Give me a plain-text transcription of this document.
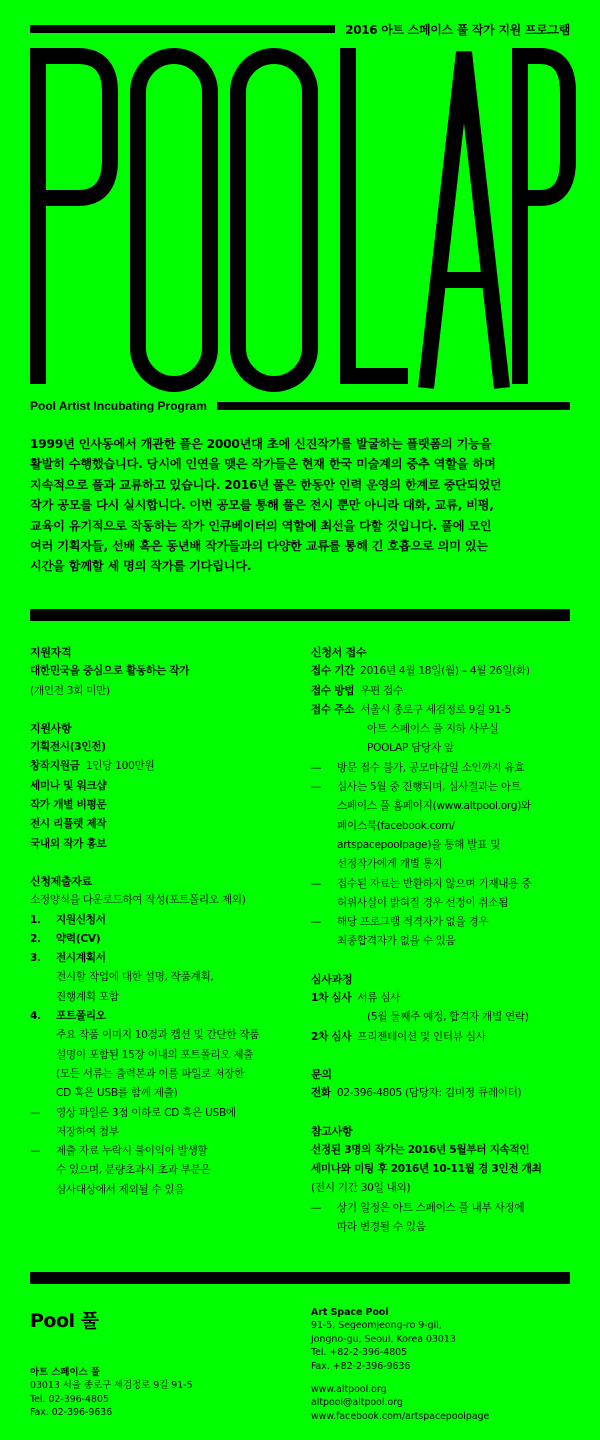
2016 아트 스페이스 풀 작가 지원 프로그램
Pool Artist Incubating Program

1999년 인사동에서 개관한 풀은 2000년대 초에 신진작가를 발굴하는 플랫폼의 기능을

활발히 수행했습니다. 당시에 인연을 맺은 작가들은 현재 한국 미술계의 중추 역할을 하며

지속적으로 풀과 교류하고 있습니다. 2016년 풀은 한동안 인력 운영의 한계로 중단되었던

작가 공모를 다시 실시합니다. 이번 공모를 통해 풀은 전시 뿐만 아니라 대화, 교류, 비평,

교육이 유기적으로 작동하는 작가 인큐베이터의 역할에 최선을 다할 것입니다. 풀에 모인

여러 기획자들, 선배 혹은 동년배 작가들과의 다양한 교류를 통해 긴 호흡으로 의미 있는

시간을 함께할 세 명의 작가를 기다립니다.

지원자격
대한민국을 중심으로 활동하는 작가
(개인전 3회 미만)
지원사항
기획전시(3인전)
창작지원금 1인당 100만원
세미나 및 워크샵
작가 개별 비평문
전시 리플렛 제작
국내외 작가 홍보
신청제출자료
소정양식을 다운로드하여 작성(포트폴리오 제외)
1.	지원신청서
2.	약력(CV)
3.	전시계획서
전시할 작업에 대한 설명, 작품계획,
진행계획 포함
4.	포트폴리오
주요 작품 이미지 10점과 캡션 및 간단한 작품
설명이 포함된 15장 이내의 포트폴리오 제출
(모든 서류는 출력본과 이를 파일로 저장한
CD 혹은 USB를 함께 제출)
—	영상 파일은 3점 이하로 CD 혹은 USB에
저장하여 첨부
—	제출 자료 누락시 불이익이 발생할
수 있으며, 분량초과시 초과 부분은
심사대상에서 제외될 수 있음
신청서 접수
접수 기간 2016년 4월 18일(월) – 4월 26일(화)
접수 방법 우편 접수
접수 주소 서울시 종로구 세검정로 9길 91-5
아트 스페이스 풀 지하 사무실
POOLAP 담당자 앞
—	방문 접수 불가, 공모마감일 소인까지 유효
—	심사는 5월 중 진행되며, 심사결과는 아트
스페이스 풀 홈페이지(www.altpool.org)와
페이스북(facebook.com/
artspacepoolpage)을 통해 발표 및
선정작가에게 개별 통지
—	접수된 자료는 반환하지 않으며 기재내용 중
허위사실이 밝혀질 경우 선정이 취소됨
—	해당 프로그램 적격자가 없을 경우
최종합격자가 없을 수 있음
심사과정
1차 심사 서류 심사
(5월 둘째주 예정, 합격자 개별 연락)
2차 심사 프리젠테이션 및 인터뷰 심사
문의
전화 02-396-4805 (담당자: 김미정 큐레이터)
참고사항
선정된 3명의 작가는 2016년 5월부터 지속적인
세미나와 미팅 후 2016년 10-11월 경 3인전 개최
(전시 기간 30일 내외)
—	상기 일정은 아트 스페이스 풀 내부 사정에
따라 변경될 수 있음
Pool 풀
아트 스페이스 풀
03013 서울 종로구 세검정로 9길 91-5
Tel. 02-396-4805
Fax. 02-396-9636
Art Space Pool
91-5, Segeomjeong-ro 9-gil,
Jongno-gu, Seoul, Korea 03013
Tel. +82-2-396-4805
Fax. +82-2-396-9636
www.altpool.org
altpool@altpool.org
www.facebook.com/artspacepoolpage
